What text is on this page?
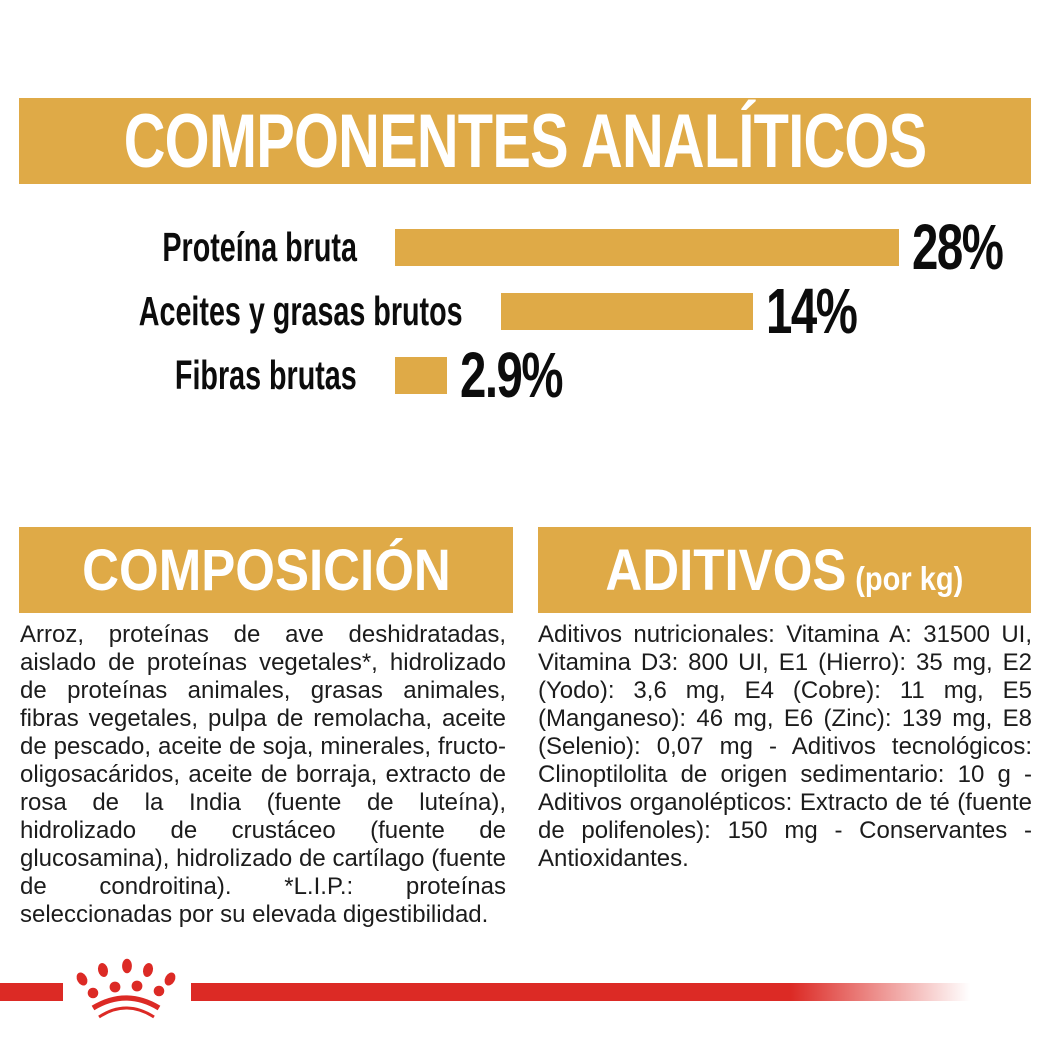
COMPONENTES ANALÍTICOS
Proteína bruta	28%
Aceites y grasas brutos	14%
Fibras brutas 2.9%
COMPOSICIÓN	ADITIVOS (por kg)
Arroz, proteínas de ave deshidratadas, aislado de proteínas vegetales*, hidrolizado de proteínas animales, grasas animales, fibras vegetales, pulpa de remolacha, aceite de pescado, aceite de soja, minerales, fructo-oligosacáridos, aceite de borraja, extracto de rosa de la India (fuente de luteína), hidrolizado de crustáceo (fuente de glucosamina), hidrolizado de cartílago (fuente de condroitina). *L.I.P.: proteínas seleccionadas por su elevada digestibilidad.
Aditivos nutricionales: Vitamina A: 31500 UI, Vitamina D3: 800 UI, E1 (Hierro): 35 mg, E2 (Yodo): 3,6 mg, E4 (Cobre): 11 mg, E5 (Manganeso): 46 mg, E6 (Zinc): 139 mg, E8 (Selenio): 0,07 mg - Aditivos tecnológicos: Clinoptilolita de origen sedimentario: 10 g - Aditivos organolépticos: Extracto de té (fuente de polifenoles): 150 mg - Conservantes - Antioxidantes.
